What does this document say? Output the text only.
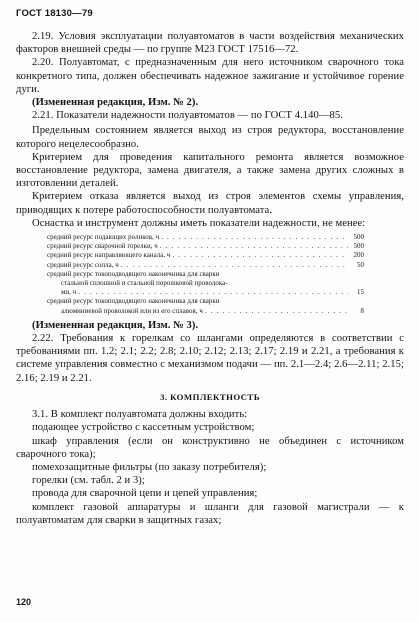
ГОСТ 18130—79

2.19. Условия эксплуатации полуавтоматов в части воздействия механических факторов внешней среды — по группе М23 ГОСТ 17516—72.

2.20. Полуавтомат, с предназначенным для него источником сварочного тока конкретного типа, должен обеспечивать надежное зажигание и устойчивое горение дуги.

(Измененная редакция, Изм. № 2).

2.21. Показатели надежности полуавтоматов — по ГОСТ 4.140—85.

Предельным состоянием является выход из строя редуктора, восстановление которого нецелесообразно.

Критерием для проведения капитального ремонта является возможное восстановление редуктора, замена двигателя, а также замена других сложных в изготовлении деталей.

Критерием отказа является выход из строя элементов схемы управления, приводящих к потере работоспособности полуавтомата.

Оснастка и инструмент должны иметь показатели надежности, не менее:

средний ресурс подающих роликов, ч . . .	500
средний ресурс сварочной горелки, ч . . .	500
средний ресурс направляющего канала, ч . . .	200
средний ресурс сопла, ч . . .	50
средний ресурс токоподводящего наконечника для сварки
стальной сплошной и стальной порошковой проволока-
ми, ч . . .	15
средний ресурс токоподводящего наконечника для сварки
алюминиевой проволокой или из его сплавов, ч . . .	8

(Измененная редакция, Изм. № 3).

2.22. Требования к горелкам со шлангами определяются в соответствии с требованиями пп. 1.2; 2.1; 2.2; 2.8; 2.10; 2.12; 2.13; 2.17; 2.19 и 2.21, а требования к системе управления совместно с механизмом подачи — пп. 2.1—2.4; 2.6—2.11; 2.15; 2.16; 2.19 и 2.21.

3. КОМПЛЕКТНОСТЬ

3.1. В комплект полуавтомата должны входить:

подающее устройство с кассетным устройством;

шкаф управления (если он конструктивно не объединен с источником сварочного тока);

помехозащитные фильтры (по заказу потребителя);

горелки (см. табл. 2 и 3);

провода для сварочной цепи и цепей управления;

комплект газовой аппаратуры и шланги для газовой магистрали — к полуавтоматам для сварки в защитных газах;

120
